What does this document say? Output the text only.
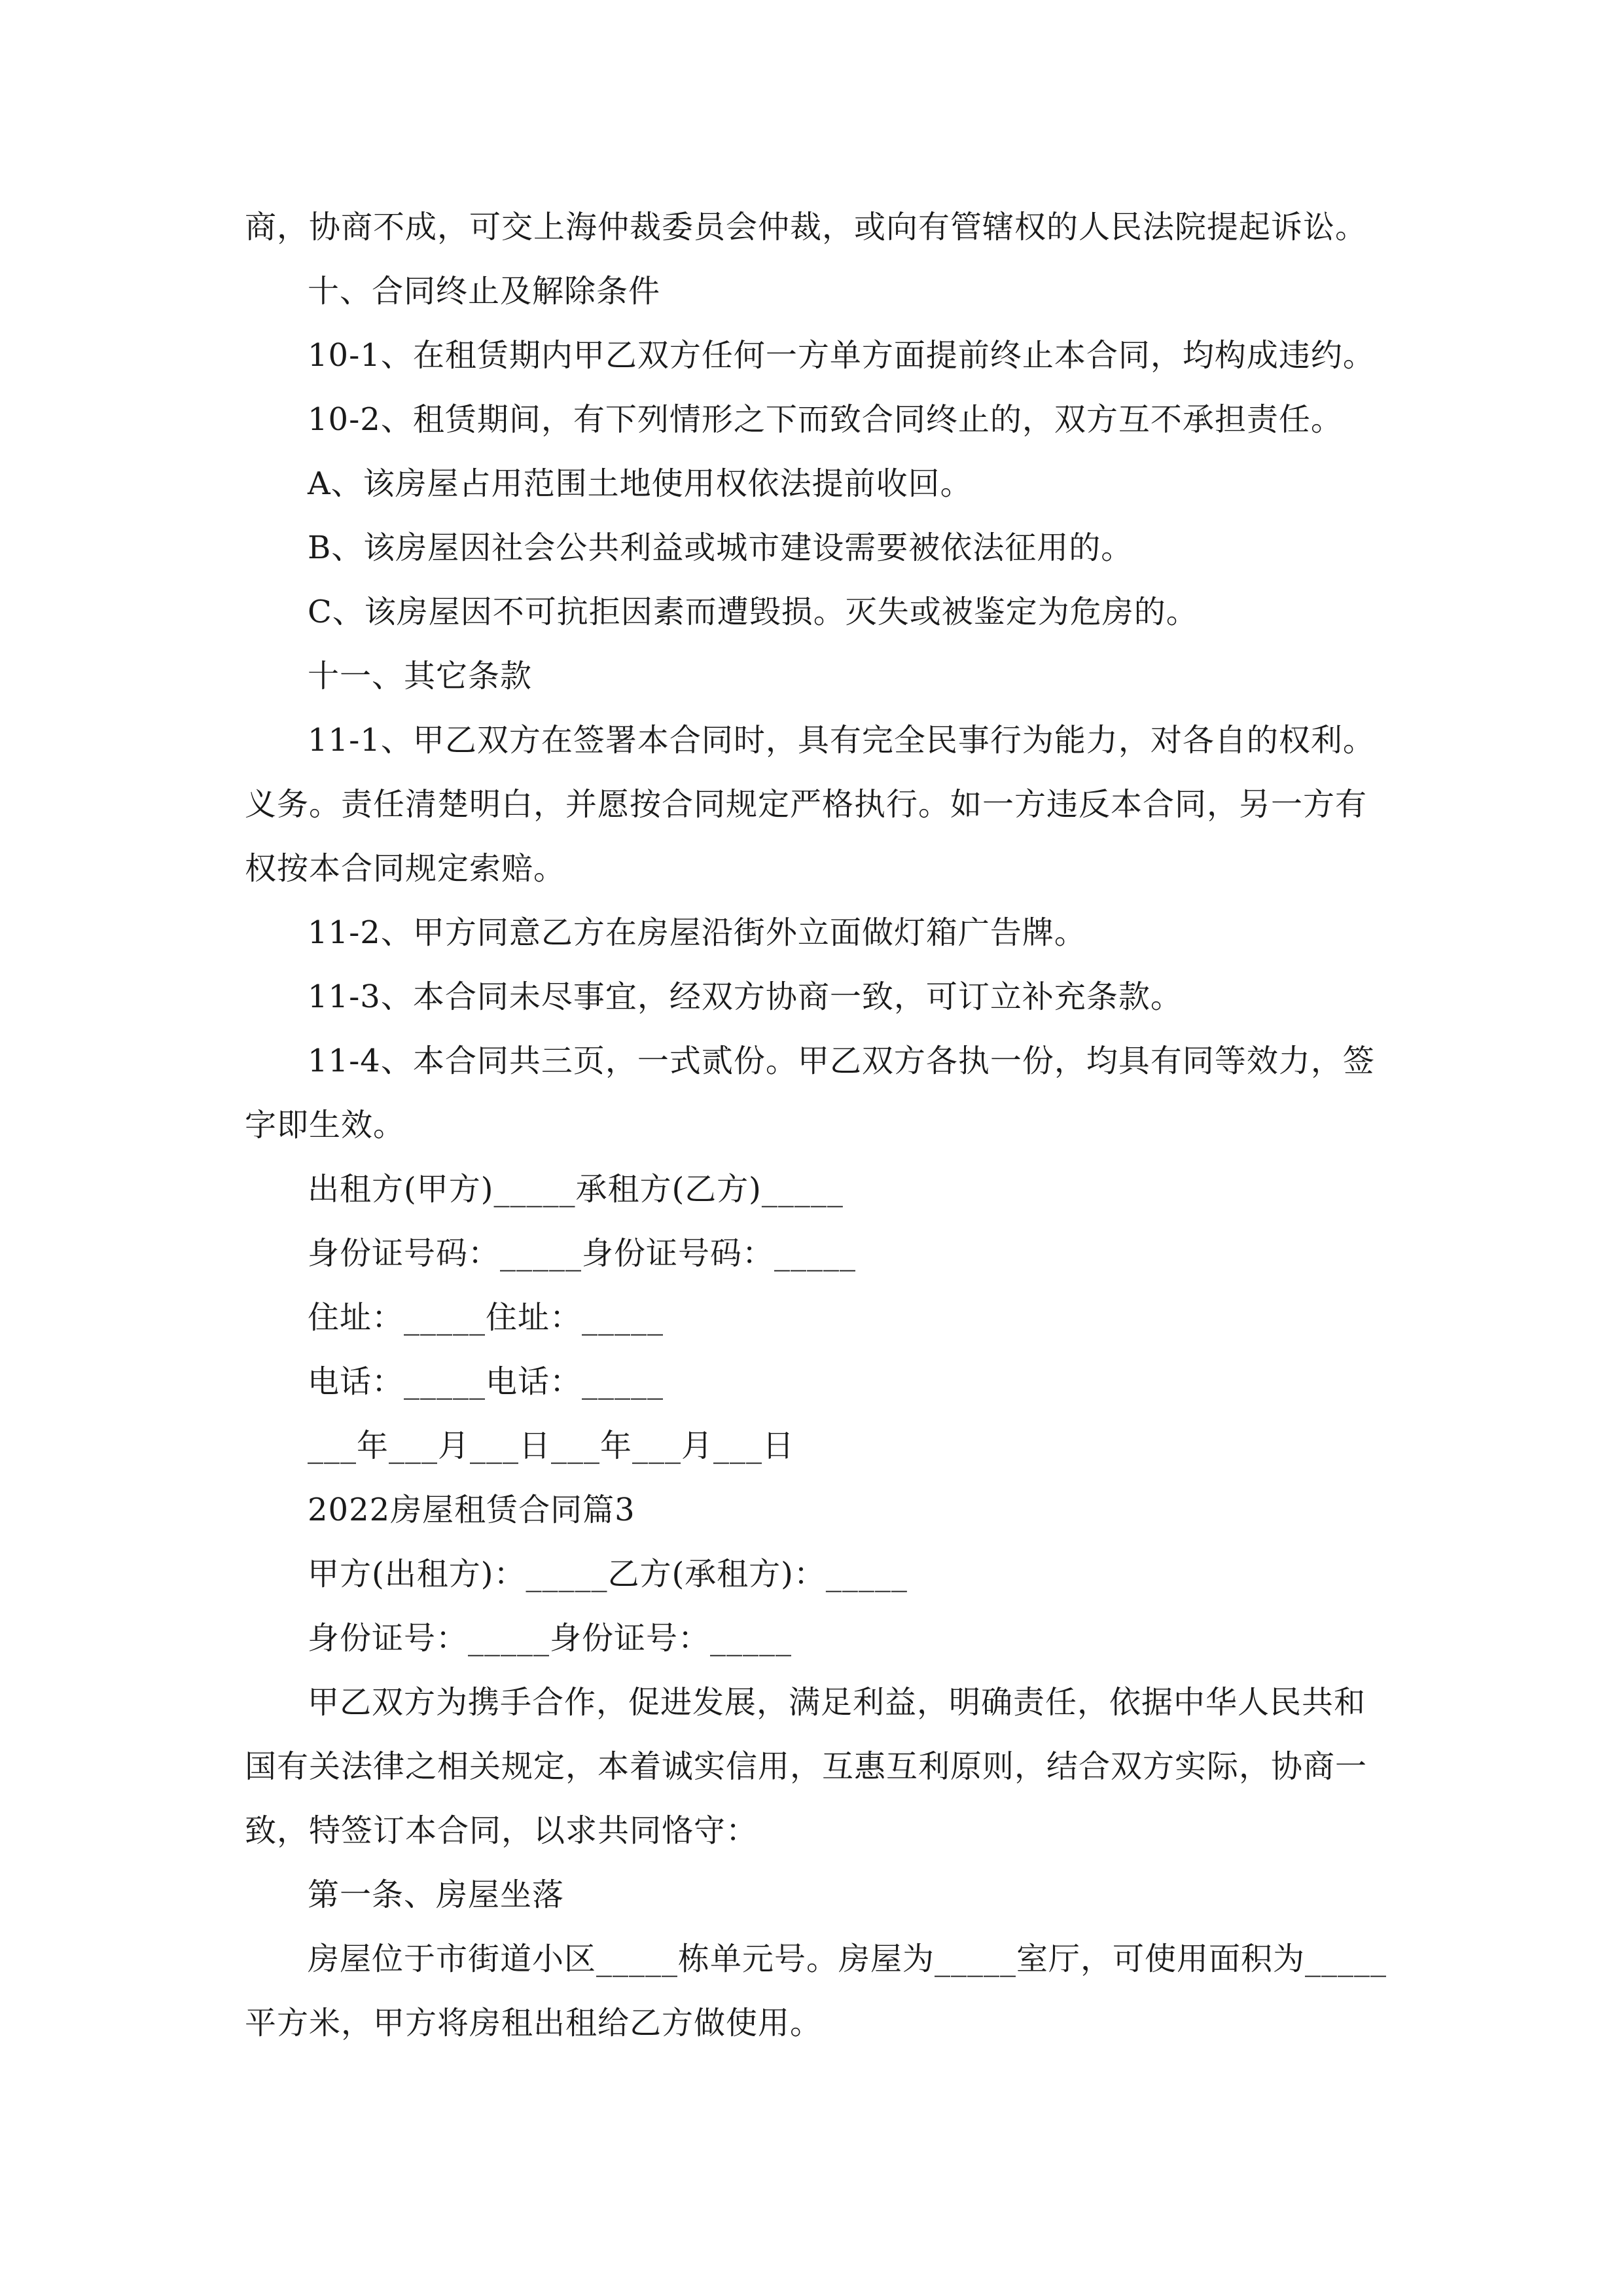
商，协商不成，可交上海仲裁委员会仲裁，或向有管辖权的人民法院提起诉讼。

十、合同终止及解除条件

10-1、在租赁期内甲乙双方任何一方单方面提前终止本合同，均构成违约。

10-2、租赁期间，有下列情形之下而致合同终止的，双方互不承担责任。

A、该房屋占用范围土地使用权依法提前收回。

B、该房屋因社会公共利益或城市建设需要被依法征用的。

C、该房屋因不可抗拒因素而遭毁损。灭失或被鉴定为危房的。

十一、其它条款

11-1、甲乙双方在签署本合同时，具有完全民事行为能力，对各自的权利。义务。责任清楚明白，并愿按合同规定严格执行。如一方违反本合同，另一方有权按本合同规定索赔。

11-2、甲方同意乙方在房屋沿街外立面做灯箱广告牌。

11-3、本合同未尽事宜，经双方协商一致，可订立补充条款。

11-4、本合同共三页，一式贰份。甲乙双方各执一份，均具有同等效力，签字即生效。

出租方(甲方)_____承租方(乙方)_____

身份证号码：_____身份证号码：_____

住址：_____住址：_____

电话：_____电话：_____

___年___月___日___年___月___日

2022房屋租赁合同篇3

甲方(出租方)：_____乙方(承租方)：_____

身份证号：_____身份证号：_____

甲乙双方为携手合作，促进发展，满足利益，明确责任，依据中华人民共和国有关法律之相关规定，本着诚实信用，互惠互利原则，结合双方实际，协商一致，特签订本合同，以求共同恪守：

第一条、房屋坐落

房屋位于市街道小区_____栋单元号。房屋为_____室厅，可使用面积为_____平方米，甲方将房租出租给乙方做使用。
